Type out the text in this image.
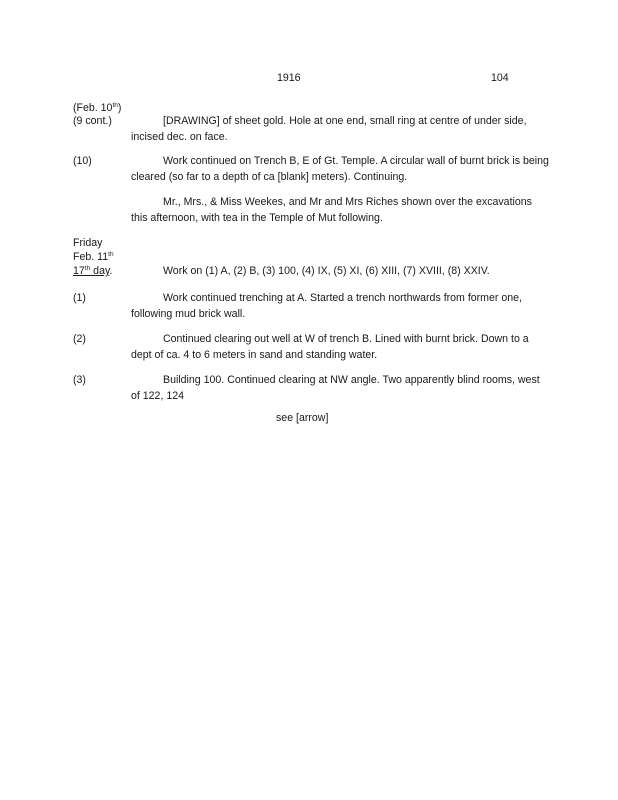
1916	104
(Feb. 10th)
(9 cont.)	[DRAWING] of sheet gold. Hole at one end, small ring at centre of under side, incised dec. on face.
(10)	Work continued on Trench B, E of Gt. Temple. A circular wall of burnt brick is being cleared (so far to a depth of ca [blank] meters). Continuing.
Mr., Mrs., & Miss Weekes, and Mr and Mrs Riches shown over the excavations this afternoon, with tea in the Temple of Mut following.
Friday
Feb. 11th
17th day.	Work on (1) A, (2) B, (3) 100, (4) IX, (5) XI, (6) XIII, (7) XVIII, (8) XXIV.
(1)	Work continued trenching at A. Started a trench northwards from former one, following mud brick wall.
(2)	Continued clearing out well at W of trench B. Lined with burnt brick. Down to a dept of ca. 4 to 6 meters in sand and standing water.
(3)	Building 100. Continued clearing at NW angle. Two apparently blind rooms, west of 122, 124
see [arrow]
